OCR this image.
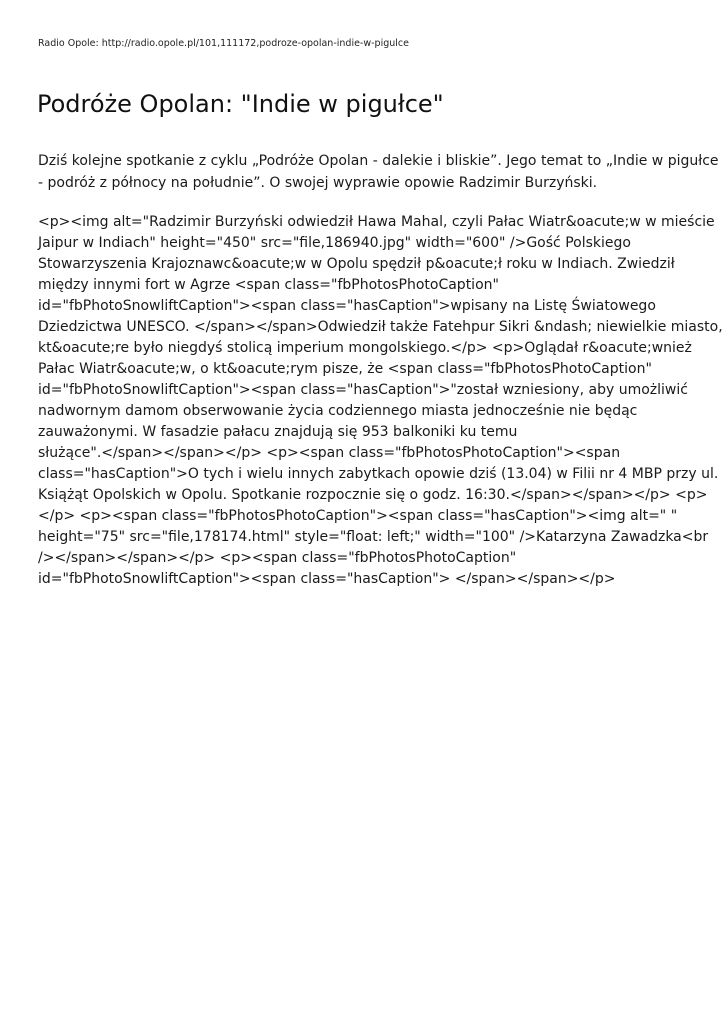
Radio Opole: http://radio.opole.pl/101,111172,podroze-opolan-indie-w-pigulce
Podróże Opolan: "Indie w pigułce"
Dziś kolejne spotkanie z cyklu „Podróże Opolan - dalekie i bliskie”. Jego temat to „Indie w pigułce
- podróż z północy na południe”. O swojej wyprawie opowie Radzimir Burzyński.
<p><img alt="Radzimir Burzyński odwiedził Hawa Mahal, czyli Pałac Wiatr&oacute;w w mieście
Jaipur w Indiach" height="450" src="file,186940.jpg" width="600" />Gość Polskiego
Stowarzyszenia Krajoznawc&oacute;w w Opolu spędził p&oacute;ł roku w Indiach. Zwiedził
między innymi fort w Agrze <span class="fbPhotosPhotoCaption"
id="fbPhotoSnowliftCaption"><span class="hasCaption">wpisany na Listę Światowego
Dziedzictwa UNESCO. </span></span>Odwiedził także Fatehpur Sikri &ndash; niewielkie miasto,
kt&oacute;re było niegdyś stolicą imperium mongolskiego.</p> <p>Oglądał r&oacute;wnież
Pałac Wiatr&oacute;w, o kt&oacute;rym pisze, że <span class="fbPhotosPhotoCaption"
id="fbPhotoSnowliftCaption"><span class="hasCaption">"został wzniesiony, aby umożliwić
nadwornym damom obserwowanie życia codziennego miasta jednocześnie nie będąc
zauważonymi. W fasadzie pałacu znajdują się 953 balkoniki ku temu
służące".</span></span></p> <p><span class="fbPhotosPhotoCaption"><span
class="hasCaption">O tych i wielu innych zabytkach opowie dziś (13.04) w Filii nr 4 MBP przy ul.
Książąt Opolskich w Opolu. Spotkanie rozpocznie się o godz. 16:30.</span></span></p> <p>
</p> <p><span class="fbPhotosPhotoCaption"><span class="hasCaption"><img alt=" "
height="75" src="file,178174.html" style="float: left;" width="100" />Katarzyna Zawadzka<br
/></span></span></p> <p><span class="fbPhotosPhotoCaption"
id="fbPhotoSnowliftCaption"><span class="hasCaption"> </span></span></p>
